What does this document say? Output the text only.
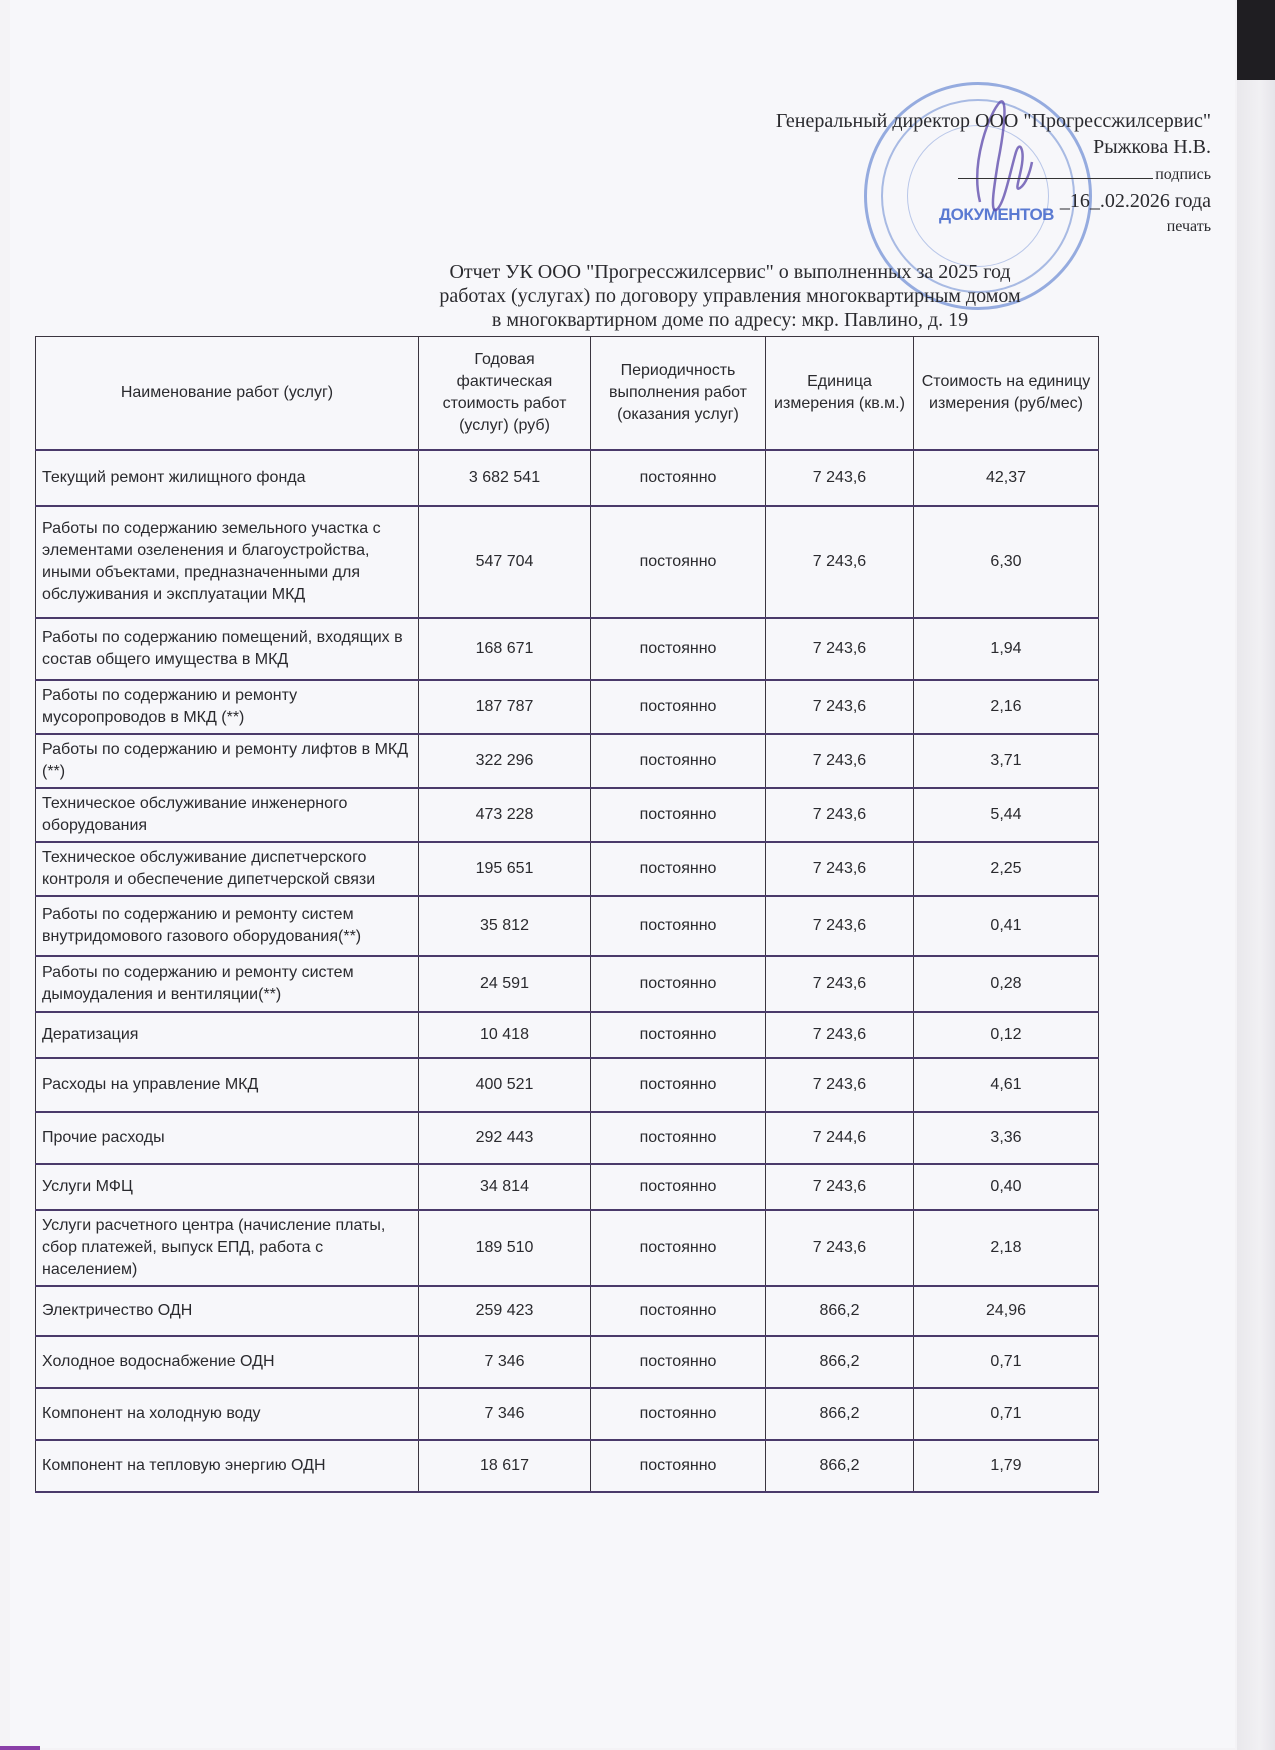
ДОКУМЕНТОВ
Генеральный директор ООО "Прогрессжилсервис"
Рыжкова Н.В.
подпись
_16_.02.2026 года
печать
Отчет УК ООО "Прогрессжилсервис" о выполненных за 2025 год
работах (услугах) по договору управления многоквартирным домом
в многоквартирном доме по адресу: мкр. Павлино, д. 19
Наименование работ (услуг)	Годовая фактическая стоимость работ (услуг) (руб)	Периодичность выполнения работ (оказания услуг)	Единица измерения (кв.м.)	Стоимость на единицу измерения (руб/мес)
Текущий ремонт жилищного фонда	3 682 541	постоянно	7 243,6	42,37
Работы по содержанию земельного участка с элементами озеленения и благоустройства, иными объектами, предназначенными для обслуживания и эксплуатации МКД	547 704	постоянно	7 243,6	6,30
Работы по содержанию помещений, входящих в состав общего имущества в МКД	168 671	постоянно	7 243,6	1,94
Работы по содержанию и ремонту мусоропроводов в МКД (**)	187 787	постоянно	7 243,6	2,16
Работы по содержанию и ремонту лифтов в МКД (**)	322 296	постоянно	7 243,6	3,71
Техническое обслуживание инженерного оборудования	473 228	постоянно	7 243,6	5,44
Техническое обслуживание диспетчерского контроля и обеспечение дипетчерской связи	195 651	постоянно	7 243,6	2,25
Работы по содержанию и ремонту систем внутридомового газового оборудования(**)	35 812	постоянно	7 243,6	0,41
Работы по содержанию и ремонту систем дымоудаления и вентиляции(**)	24 591	постоянно	7 243,6	0,28
Дератизация	10 418	постоянно	7 243,6	0,12
Расходы на управление МКД	400 521	постоянно	7 243,6	4,61
Прочие расходы	292 443	постоянно	7 244,6	3,36
Услуги МФЦ	34 814	постоянно	7 243,6	0,40
Услуги расчетного центра (начисление платы, сбор платежей, выпуск ЕПД, работа с населением)	189 510	постоянно	7 243,6	2,18
Электричество ОДН	259 423	постоянно	866,2	24,96
Холодное водоснабжение ОДН	7 346	постоянно	866,2	0,71
Компонент на холодную воду	7 346	постоянно	866,2	0,71
Компонент на тепловую энергию ОДН	18 617	постоянно	866,2	1,79
